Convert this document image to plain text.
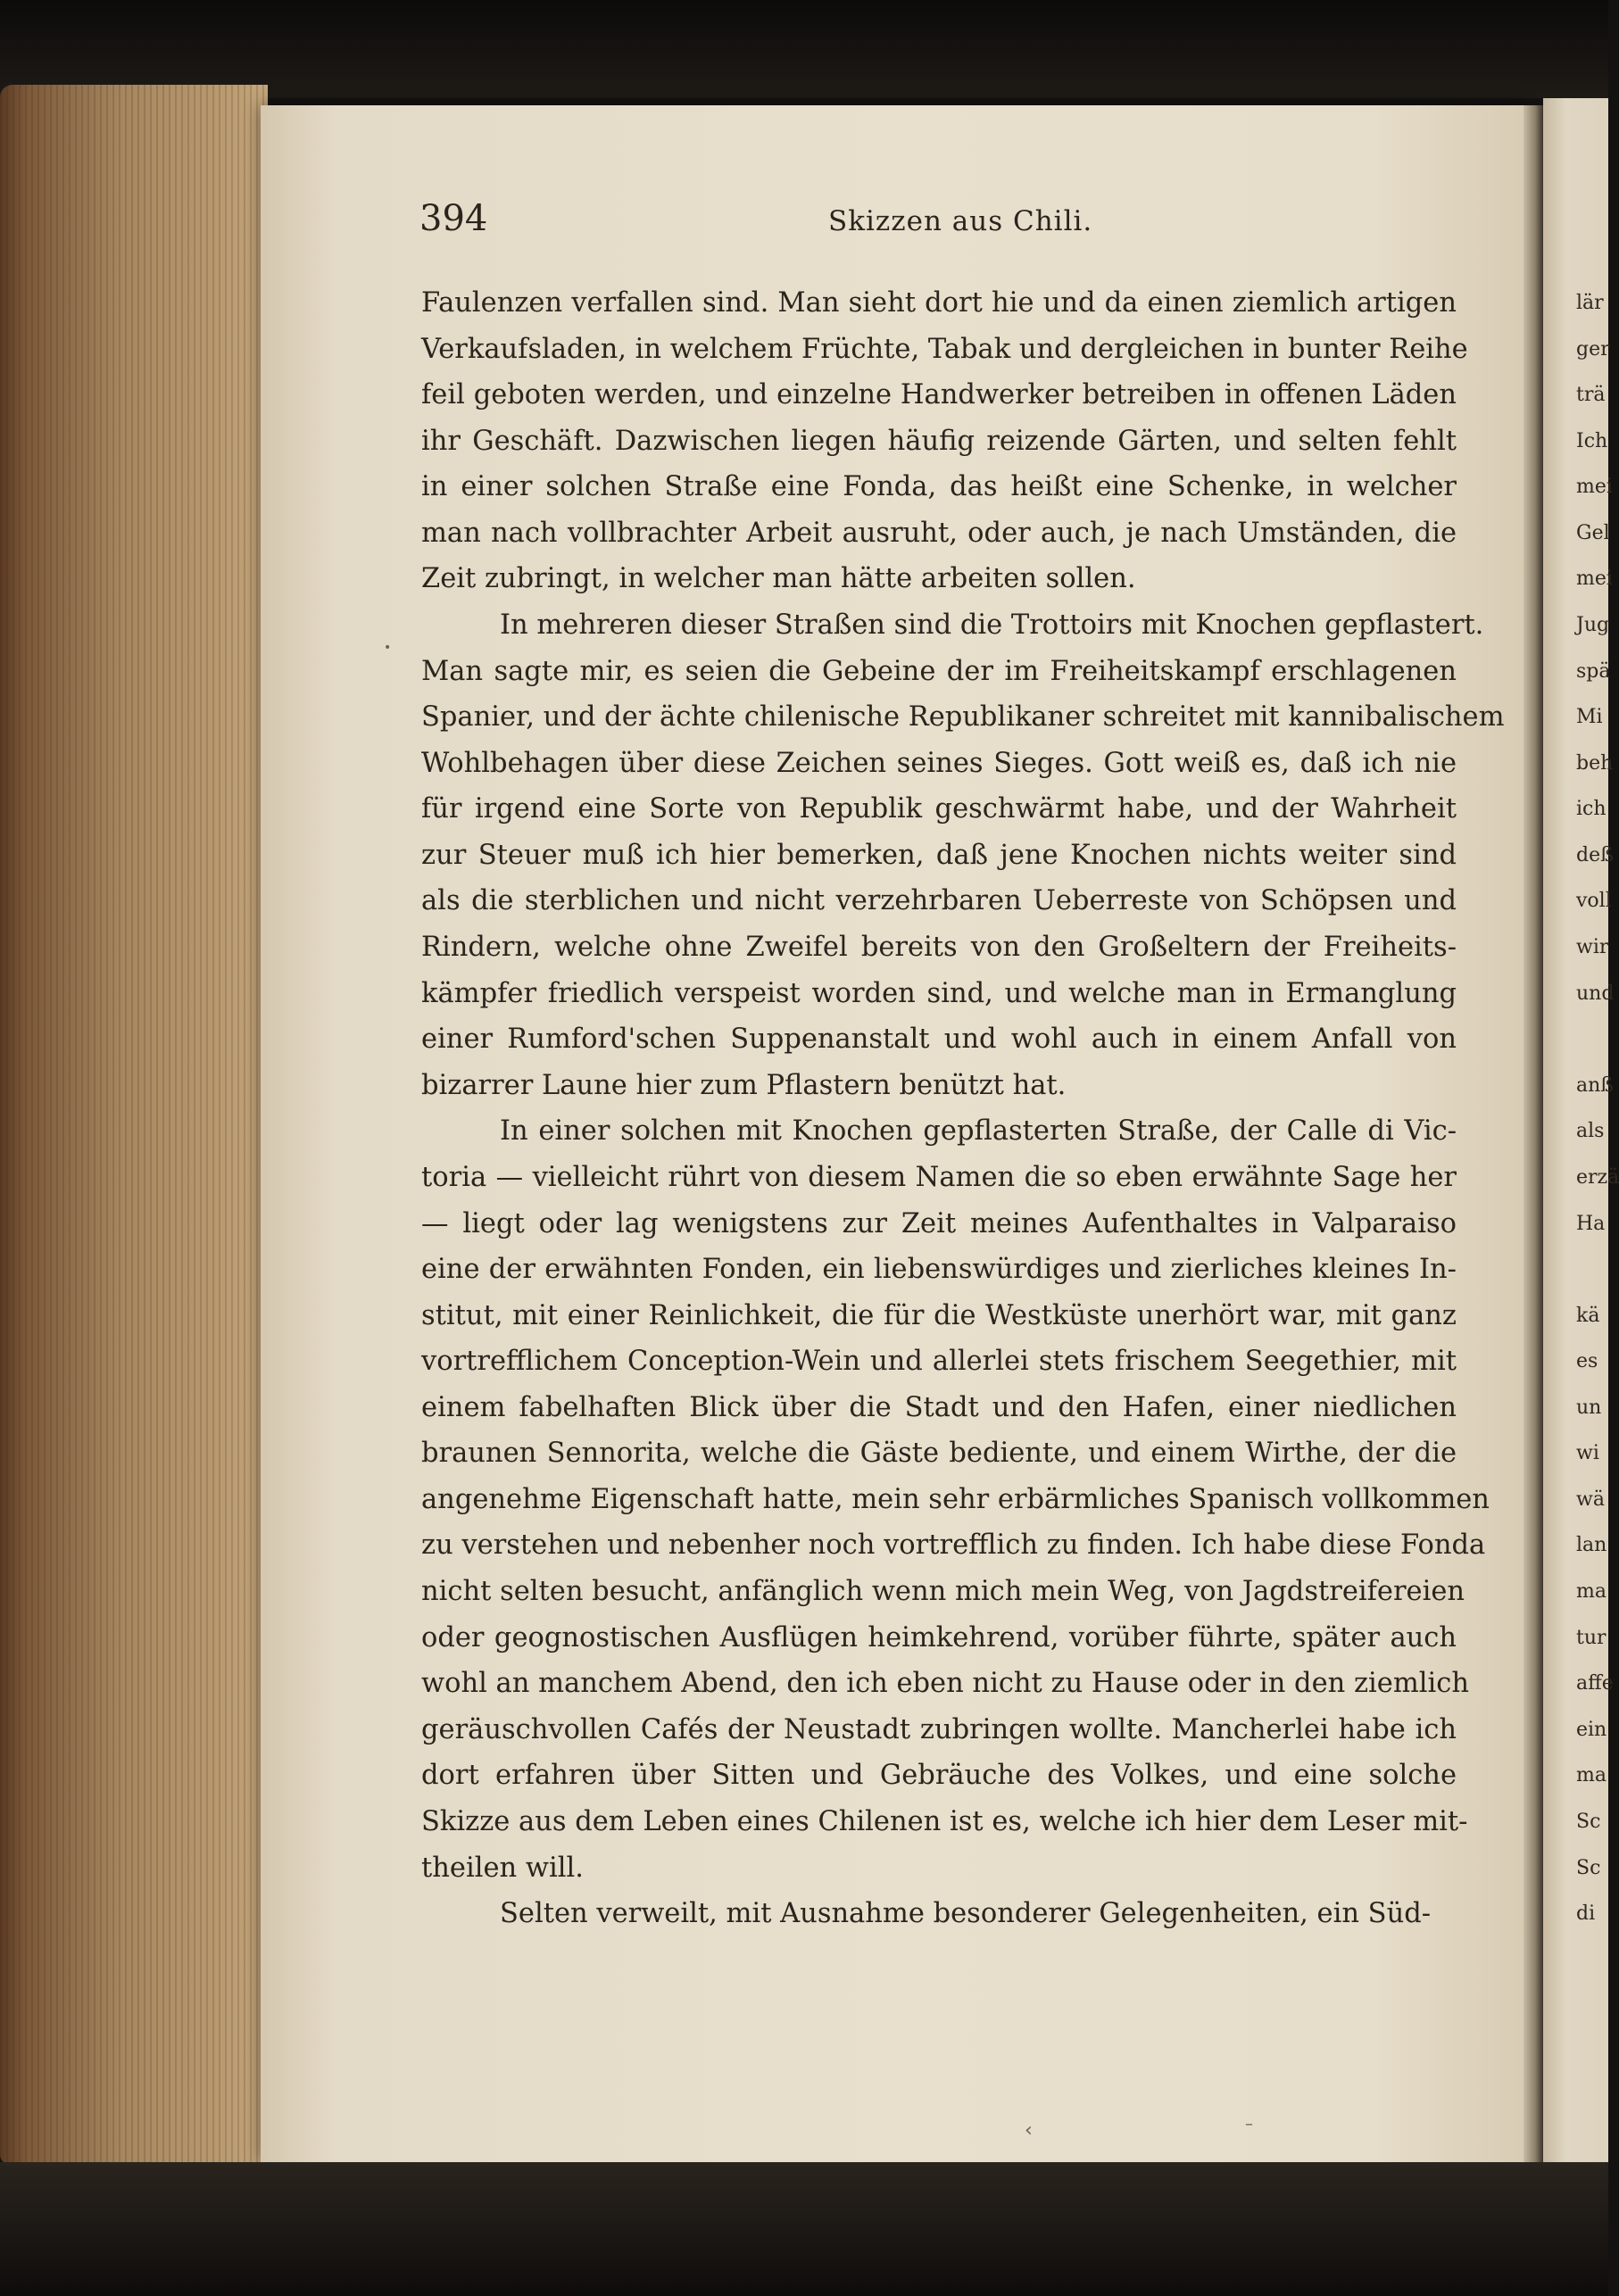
394	Skizzen aus Chili.
Faulenzen verfallen sind. Man sieht dort hie und da einen ziemlich artigen
Verkaufsladen, in welchem Früchte, Tabak und dergleichen in bunter Reihe
feil geboten werden, und einzelne Handwerker betreiben in offenen Läden
ihr Geschäft. Dazwischen liegen häufig reizende Gärten, und selten fehlt
in einer solchen Straße eine Fonda, das heißt eine Schenke, in welcher
man nach vollbrachter Arbeit ausruht, oder auch, je nach Umständen, die
Zeit zubringt, in welcher man hätte arbeiten sollen.
In mehreren dieser Straßen sind die Trottoirs mit Knochen gepflastert.
Man sagte mir, es seien die Gebeine der im Freiheitskampf erschlagenen
Spanier, und der ächte chilenische Republikaner schreitet mit kannibalischem
Wohlbehagen über diese Zeichen seines Sieges. Gott weiß es, daß ich nie
für irgend eine Sorte von Republik geschwärmt habe, und der Wahrheit
zur Steuer muß ich hier bemerken, daß jene Knochen nichts weiter sind
als die sterblichen und nicht verzehrbaren Ueberreste von Schöpsen und
Rindern, welche ohne Zweifel bereits von den Großeltern der Freiheits-
kämpfer friedlich verspeist worden sind, und welche man in Ermanglung
einer Rumford'schen Suppenanstalt und wohl auch in einem Anfall von
bizarrer Laune hier zum Pflastern benützt hat.
In einer solchen mit Knochen gepflasterten Straße, der Calle di Vic-
toria — vielleicht rührt von diesem Namen die so eben erwähnte Sage her
— liegt oder lag wenigstens zur Zeit meines Aufenthaltes in Valparaiso
eine der erwähnten Fonden, ein liebenswürdiges und zierliches kleines In-
stitut, mit einer Reinlichkeit, die für die Westküste unerhört war, mit ganz
vortrefflichem Conception-Wein und allerlei stets frischem Seegethier, mit
einem fabelhaften Blick über die Stadt und den Hafen, einer niedlichen
braunen Sennorita, welche die Gäste bediente, und einem Wirthe, der die
angenehme Eigenschaft hatte, mein sehr erbärmliches Spanisch vollkommen
zu verstehen und nebenher noch vortrefflich zu finden. Ich habe diese Fonda
nicht selten besucht, anfänglich wenn mich mein Weg, von Jagdstreifereien
oder geognostischen Ausflügen heimkehrend, vorüber führte, später auch
wohl an manchem Abend, den ich eben nicht zu Hause oder in den ziemlich
geräuschvollen Cafés der Neustadt zubringen wollte. Mancherlei habe ich
dort erfahren über Sitten und Gebräuche des Volkes, und eine solche
Skizze aus dem Leben eines Chilenen ist es, welche ich hier dem Leser mit-
theilen will.
Selten verweilt, mit Ausnahme besonderer Gelegenheiten, ein Süd-
lär
ger
trä
Ich
mei
Gel
mei
Jug
spä
Mi
beh
ich
deß
voll
wir
und
anß
als
erzä
Ha
kä
es
un
wi
wä
lan
ma
tur
affe
ein
ma
Sc
Sc
di
•
‹	–
